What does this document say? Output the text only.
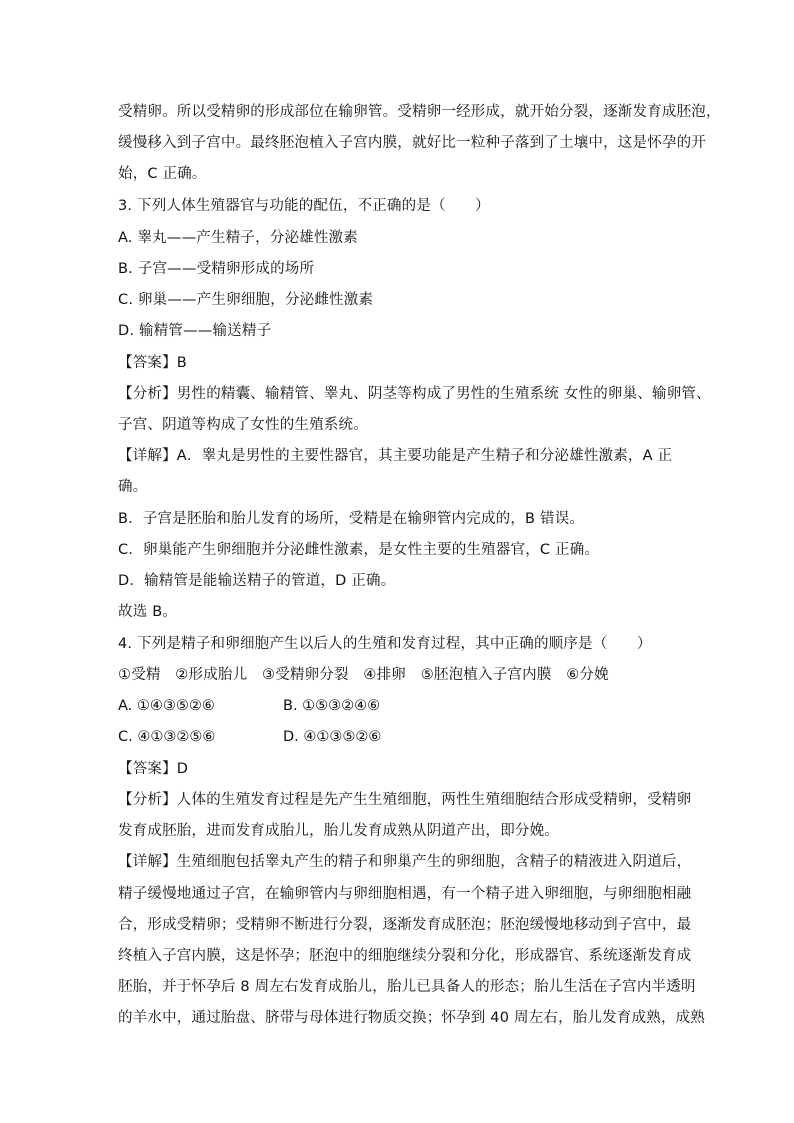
受精卵。所以受精卵的形成部位在输卵管。受精卵一经形成，就开始分裂，逐渐发育成胚泡，
缓慢移入到子宫中。最终胚泡植入子宫内膜，就好比一粒种子落到了土壤中，这是怀孕的开
始，C 正确。
3. 下列人体生殖器官与功能的配伍，不正确的是（　　）
A. 睾丸——产生精子，分泌雄性激素
B. 子宫——受精卵形成的场所
C. 卵巢——产生卵细胞，分泌雌性激素
D. 输精管——输送精子
【答案】B
【分析】男性的精囊、输精管、睾丸、阴茎等构成了男性的生殖系统 女性的卵巢、输卵管、
子宫、阴道等构成了女性的生殖系统。
【详解】A．睾丸是男性的主要性器官，其主要功能是产生精子和分泌雄性激素，A 正
确。
B．子宫是胚胎和胎儿发育的场所，受精是在输卵管内完成的，B 错误。
C．卵巢能产生卵细胞并分泌雌性激素，是女性主要的生殖器官，C 正确。
D．输精管是能输送精子的管道，D 正确。
故选 B。
4. 下列是精子和卵细胞产生以后人的生殖和发育过程，其中正确的顺序是（　　）
①受精　②形成胎儿　③受精卵分裂　④排卵　⑤胚泡植入子宫内膜　⑥分娩
A. ①④③⑤②⑥	B. ①⑤③②④⑥
C. ④①③②⑤⑥	D. ④①③⑤②⑥
【答案】D
【分析】人体的生殖发育过程是先产生生殖细胞，两性生殖细胞结合形成受精卵，受精卵
发育成胚胎，进而发育成胎儿，胎儿发育成熟从阴道产出，即分娩。
【详解】生殖细胞包括睾丸产生的精子和卵巢产生的卵细胞，含精子的精液进入阴道后，
精子缓慢地通过子宫，在输卵管内与卵细胞相遇，有一个精子进入卵细胞，与卵细胞相融
合，形成受精卵；受精卵不断进行分裂，逐渐发育成胚泡；胚泡缓慢地移动到子宫中，最
终植入子宫内膜，这是怀孕；胚泡中的细胞继续分裂和分化，形成器官、系统逐渐发育成
胚胎，并于怀孕后 8 周左右发育成胎儿，胎儿已具备人的形态；胎儿生活在子宫内半透明
的羊水中，通过胎盘、脐带与母体进行物质交换；怀孕到 40 周左右，胎儿发育成熟，成熟
